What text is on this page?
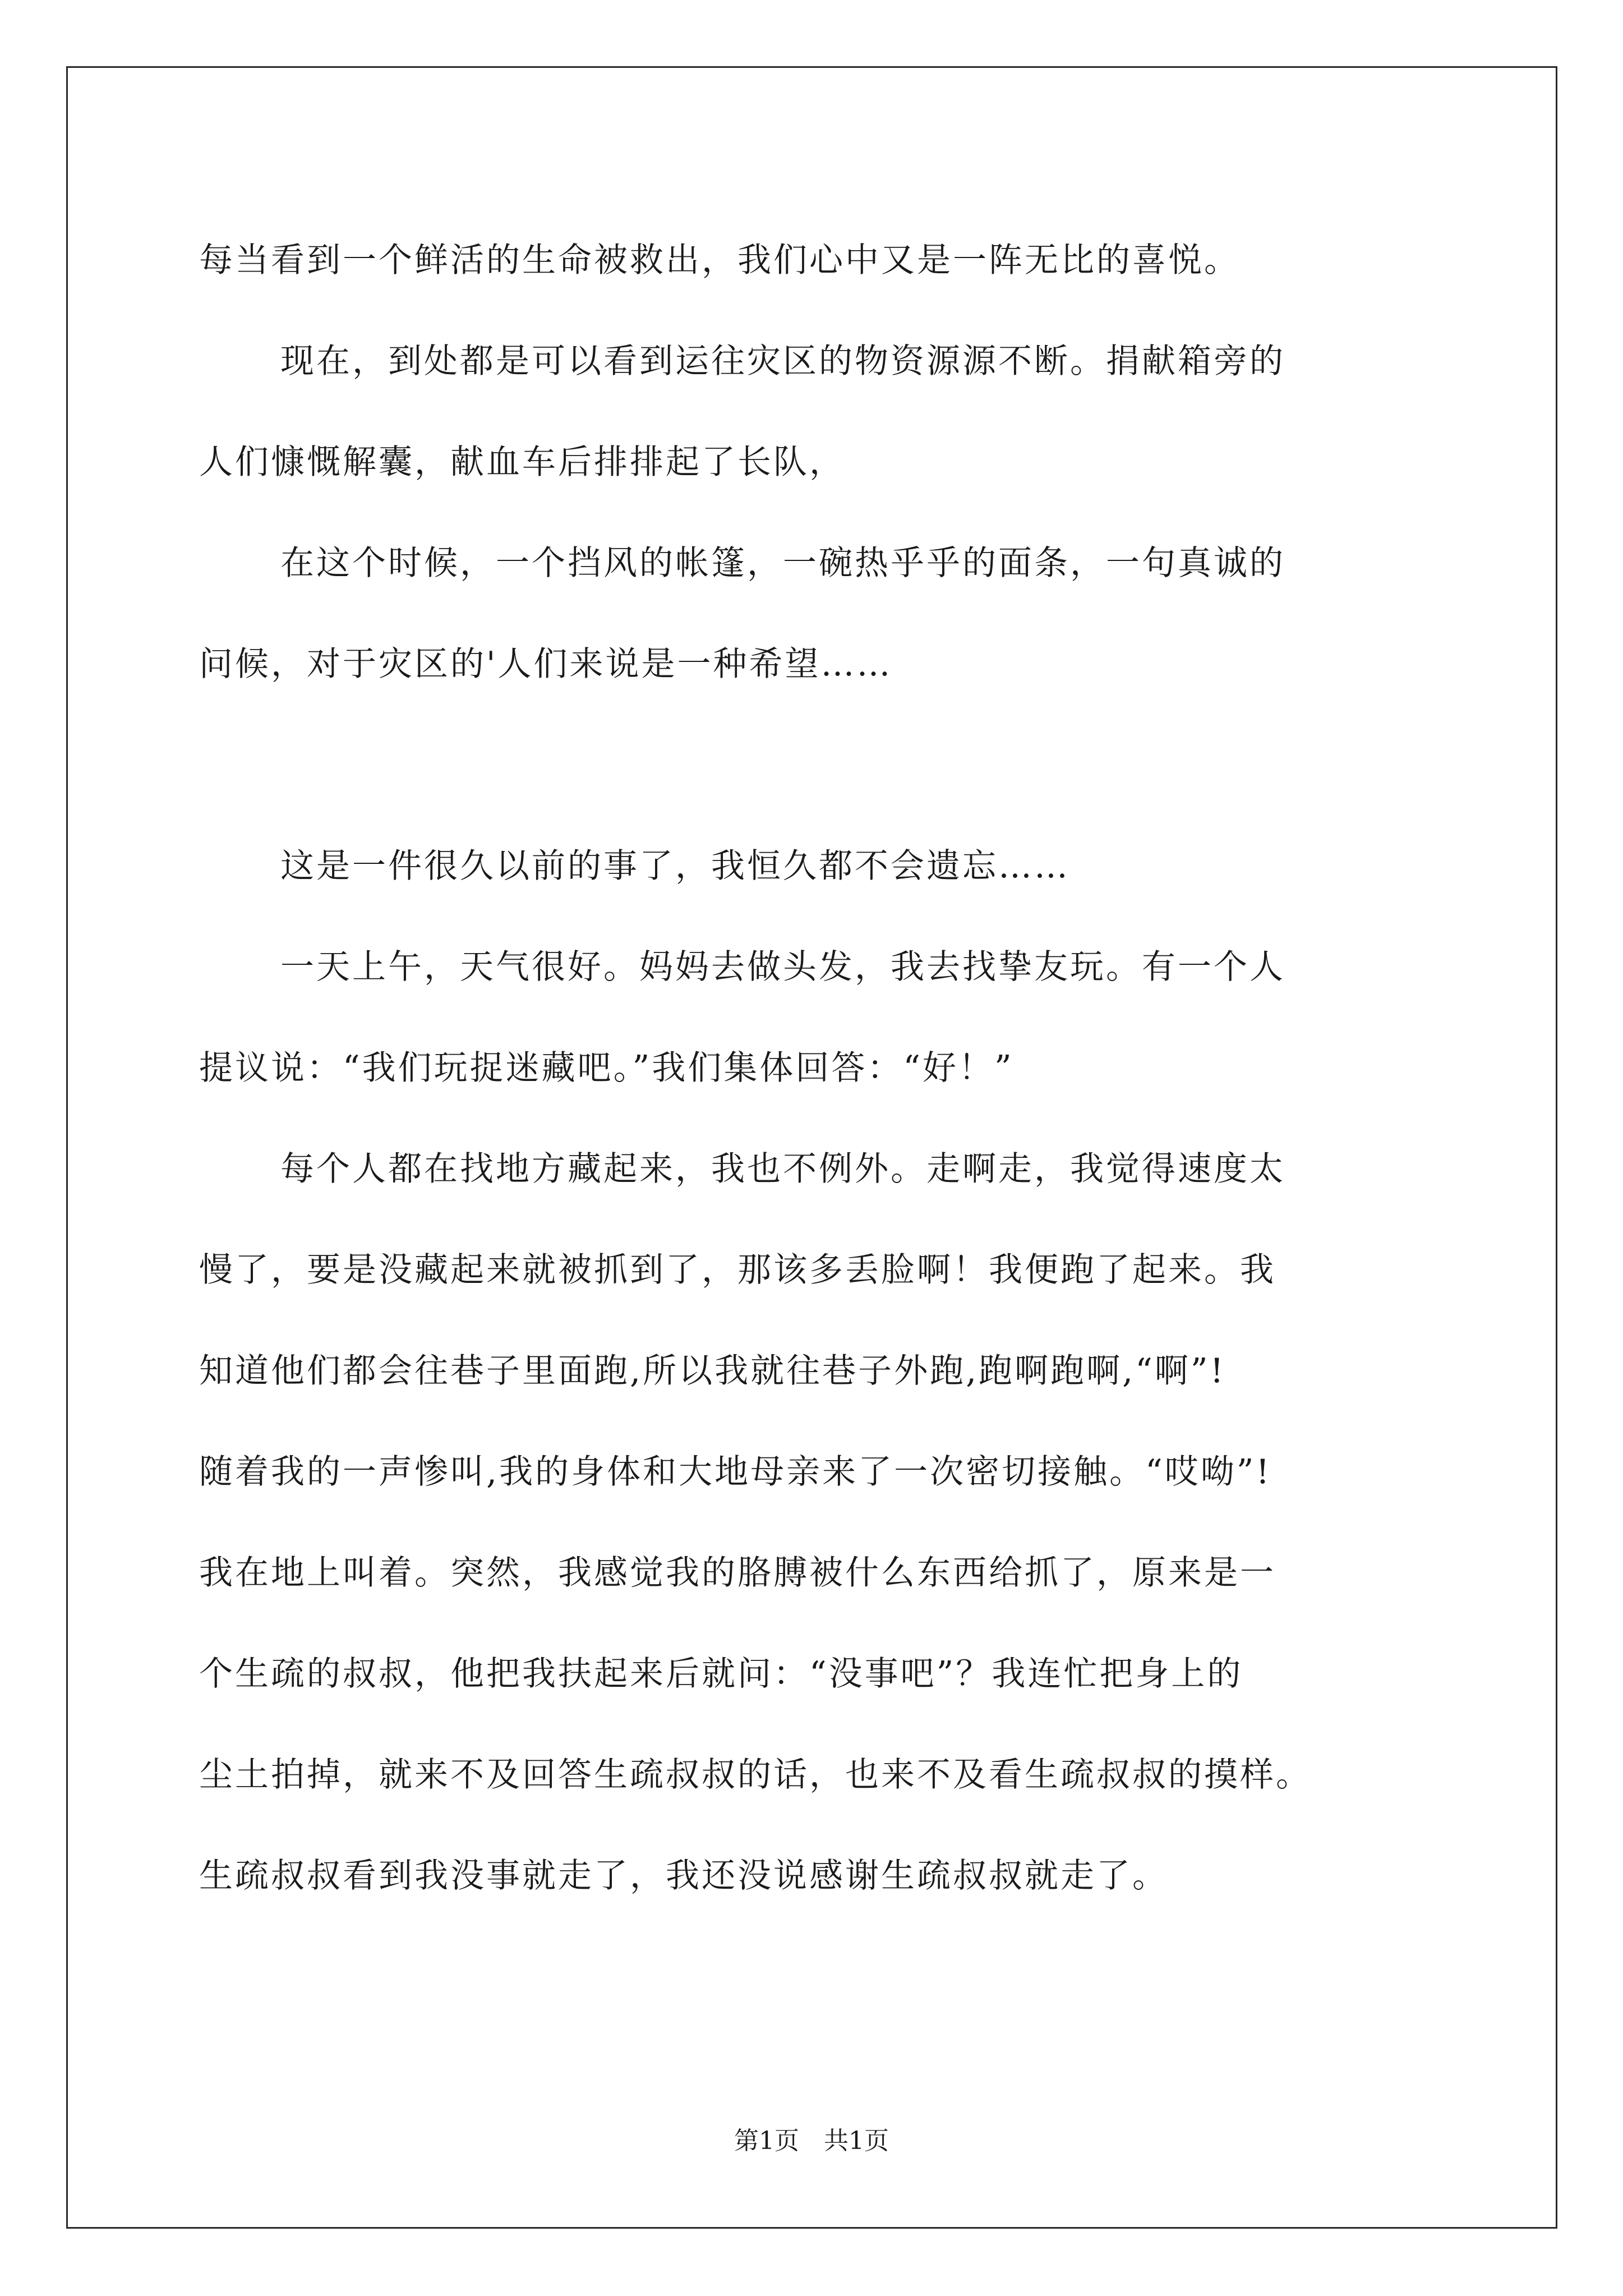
每当看到一个鲜活的生命被救出，我们心中又是一阵无比的喜悦。

现在，到处都是可以看到运往灾区的物资源源不断。捐献箱旁的

人们慷慨解囊，献血车后排排起了长队，

在这个时候，一个挡风的帐篷，一碗热乎乎的面条，一句真诚的

问候，对于灾区的'人们来说是一种希望……

这是一件很久以前的事了，我恒久都不会遗忘……

一天上午，天气很好。妈妈去做头发，我去找挚友玩。有一个人

提议说：“我们玩捉迷藏吧。”我们集体回答：“好！”

每个人都在找地方藏起来，我也不例外。走啊走，我觉得速度太

慢了，要是没藏起来就被抓到了，那该多丢脸啊！我便跑了起来。我
知道他们都会往巷子里面跑,所以我就往巷子外跑,跑啊跑啊,“啊”!
随着我的一声惨叫,我的身体和大地母亲来了一次密切接触。“哎呦”!
我在地上叫着。突然，我感觉我的胳膊被什么东西给抓了，原来是一
个生疏的叔叔，他把我扶起来后就问：“没事吧”？我连忙把身上的
尘土拍掉，就来不及回答生疏叔叔的话，也来不及看生疏叔叔的摸样。
生疏叔叔看到我没事就走了，我还没说感谢生疏叔叔就走了。

第1页　共1页
